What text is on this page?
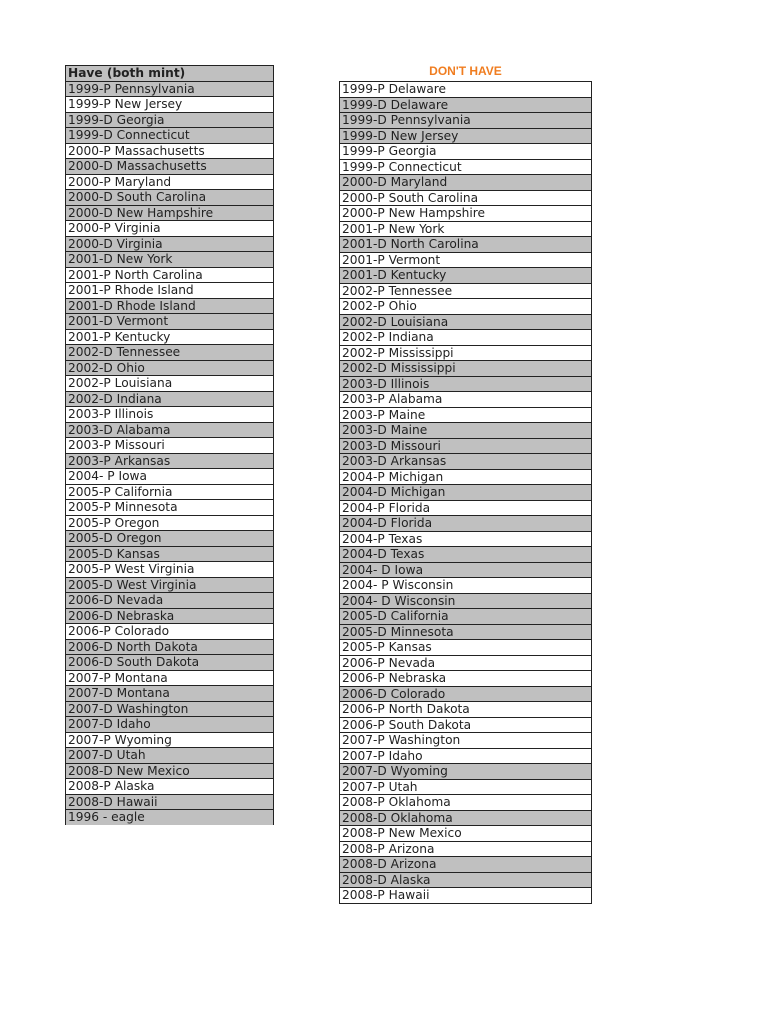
Have (both mint)
1999-P Pennsylvania
1999-P New Jersey
1999-D Georgia
1999-D Connecticut
2000-P Massachusetts
2000-D Massachusetts
2000-P Maryland
2000-D South Carolina
2000-D New Hampshire
2000-P Virginia
2000-D Virginia
2001-D New York
2001-P North Carolina
2001-P Rhode Island
2001-D Rhode Island
2001-D Vermont
2001-P Kentucky
2002-D Tennessee
2002-D Ohio
2002-P Louisiana
2002-D Indiana
2003-P Illinois
2003-D Alabama
2003-P Missouri
2003-P Arkansas
2004- P Iowa
2005-P California
2005-P Minnesota
2005-P Oregon
2005-D Oregon
2005-D Kansas
2005-P West Virginia
2005-D West Virginia
2006-D Nevada
2006-D Nebraska
2006-P Colorado
2006-D North Dakota
2006-D South Dakota
2007-P Montana
2007-D Montana
2007-D Washington
2007-D Idaho
2007-P Wyoming
2007-D Utah
2008-D New Mexico
2008-P Alaska
2008-D Hawaii
1996 - eagle
DON'T HAVE
1999-P Delaware
1999-D Delaware
1999-D Pennsylvania
1999-D New Jersey
1999-P Georgia
1999-P Connecticut
2000-D Maryland
2000-P South Carolina
2000-P New Hampshire
2001-P New York
2001-D North Carolina
2001-P Vermont
2001-D Kentucky
2002-P Tennessee
2002-P Ohio
2002-D Louisiana
2002-P Indiana
2002-P Mississippi
2002-D Mississippi
2003-D Illinois
2003-P Alabama
2003-P Maine
2003-D Maine
2003-D Missouri
2003-D Arkansas
2004-P Michigan
2004-D Michigan
2004-P Florida
2004-D Florida
2004-P Texas
2004-D Texas
2004- D Iowa
2004- P Wisconsin
2004- D Wisconsin
2005-D California
2005-D Minnesota
2005-P Kansas
2006-P Nevada
2006-P Nebraska
2006-D Colorado
2006-P North Dakota
2006-P South Dakota
2007-P Washington
2007-P Idaho
2007-D Wyoming
2007-P Utah
2008-P Oklahoma
2008-D Oklahoma
2008-P New Mexico
2008-P Arizona
2008-D Arizona
2008-D Alaska
2008-P Hawaii
